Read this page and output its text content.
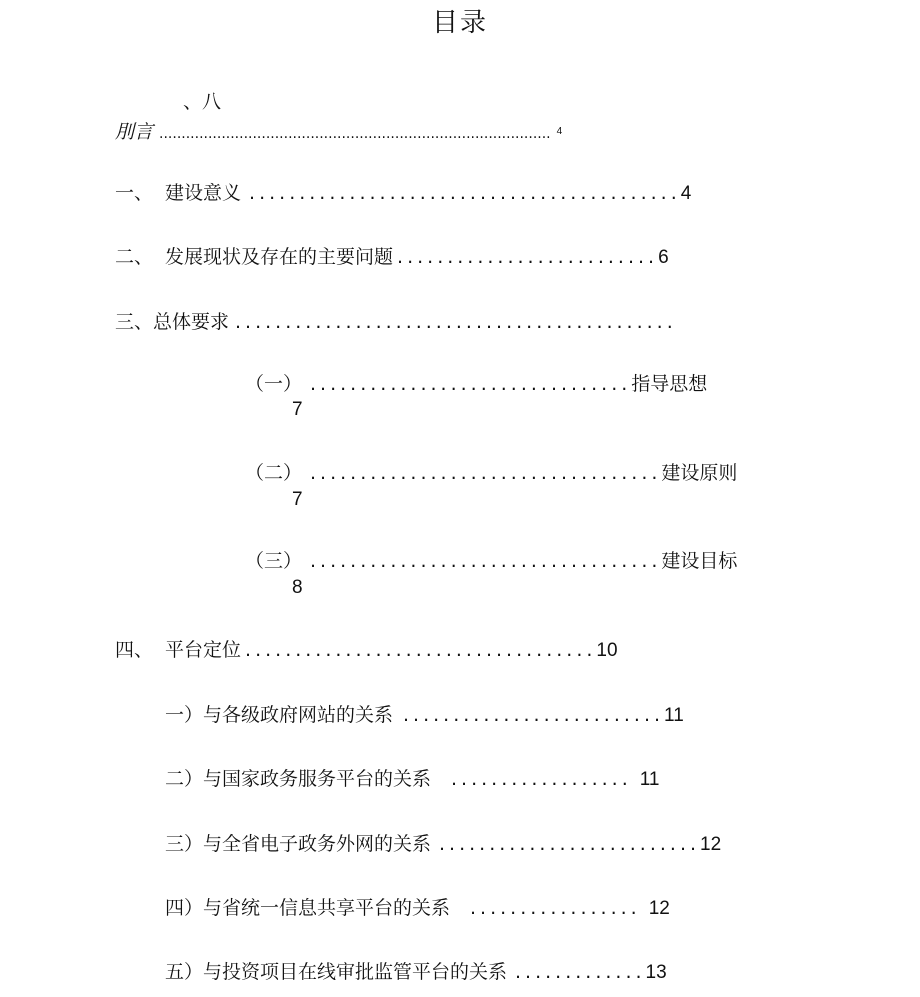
目录
、八
刖言 ........................................................................................ $^4$
一、 建设意义 ...........................................4
二、 发展现状及存在的主要问题 ..........................6
三、总体要求 ............................................
（一） ................................指导思想
7
（二） ...................................建设原则
7
（三） ...................................建设目标
8
四、 平台定位 ...................................10
一）与各级政府网站的关系 ..........................11
二）与国家政务服务平台的关系 .................. 11
三）与全省电子政务外网的关系 ..........................12
四）与省统一信息共享平台的关系 ................. 12
五）与投资项目在线审批监管平台的关系 .............13
